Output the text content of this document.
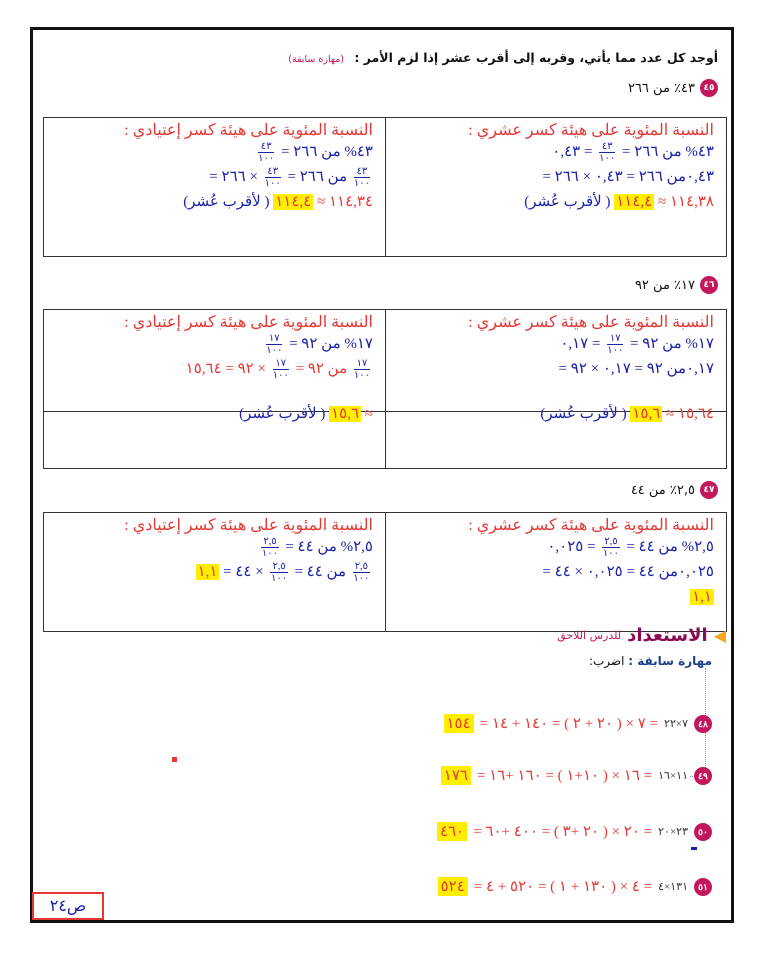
أوجد كل عدد مما يأتي، وقربه إلى أقرب عشر إذا لزم الأمر : (مهارة سابقة)
٤٥
٤٣٪ من ٢٦٦
النسبة المئوية على هيئة كسر عشري :
٤٣% من ٢٦٦ =
$\frac{٤٣}{١٠٠}$
= ٠,٤٣
٠,٤٣من ٢٦٦ = ٠,٤٣ × ٢٦٦ =
١١٤,٣٨ ≈ ١١٤,٤ ( لأقرب عُشر)
النسبة المئوية على هيئة كسر إعتيادي :
٤٣% من ٢٦٦ =
$\frac{٤٣}{١٠٠}$
$\frac{٤٣}{١٠٠}$
من ٢٦٦ =
$\frac{٤٣}{١٠٠}$
× ٢٦٦ =
١١٤,٣٤ ≈ ١١٤,٤ ( لأقرب عُشر)
٤٦
١٧٪ من ٩٢
النسبة المئوية على هيئة كسر عشري :
١٧% من ٩٢ =
$\frac{١٧}{١٠٠}$
= ٠,١٧
٠,١٧من ٩٢ = ٠,١٧ × ٩٢ =
١٥,٦٤ ≈ ١٥,٦ ( لأقرب عُشر)
النسبة المئوية على هيئة كسر إعتيادي :
١٧% من ٩٢ =
$\frac{١٧}{١٠٠}$
$\frac{١٧}{١٠٠}$
من ٩٢ =
$\frac{١٧}{١٠٠}$
× ٩٢ = ١٥,٦٤
≈ ١٥,٦ ( لأقرب عُشر)
٤٧
٢,٥٪ من ٤٤
النسبة المئوية على هيئة كسر عشري :
٢,٥% من ٤٤ =
$\frac{٢,٥}{١٠٠}$
= ٠,٠٢٥
٠,٠٢٥من ٤٤ = ٠,٠٢٥ × ٤٤ =
١,١
النسبة المئوية على هيئة كسر إعتيادي :
٢,٥% من ٤٤ =
$\frac{٢,٥}{١٠٠}$
$\frac{٢,٥}{١٠٠}$
من ٤٤ =
$\frac{٢,٥}{١٠٠}$
× ٤٤ = ١,١
◀
الاستعداد
للدرس اللاحق
مهارة سابقة : اضرب:
٤٨
٧×٢٢
= ٧ × ( ٢٠ + ٢ ) = ١٤٠ + ١٤ =
١٥٤
٤٩
١١×١٦
= ١٦ × ( ١٠+١ ) = ١٦٠ +١٦ =
١٧٦
٥٠
٢٣×٢٠
= ٢٠ × ( ٢٠ +٣ ) = ٤٠٠ +٦٠ =
٤٦٠
٥١
١٣١×٤
= ٤ × ( ١٣٠ + ١ ) = ٥٢٠ + ٤ =
٥٢٤
ص٢٤
